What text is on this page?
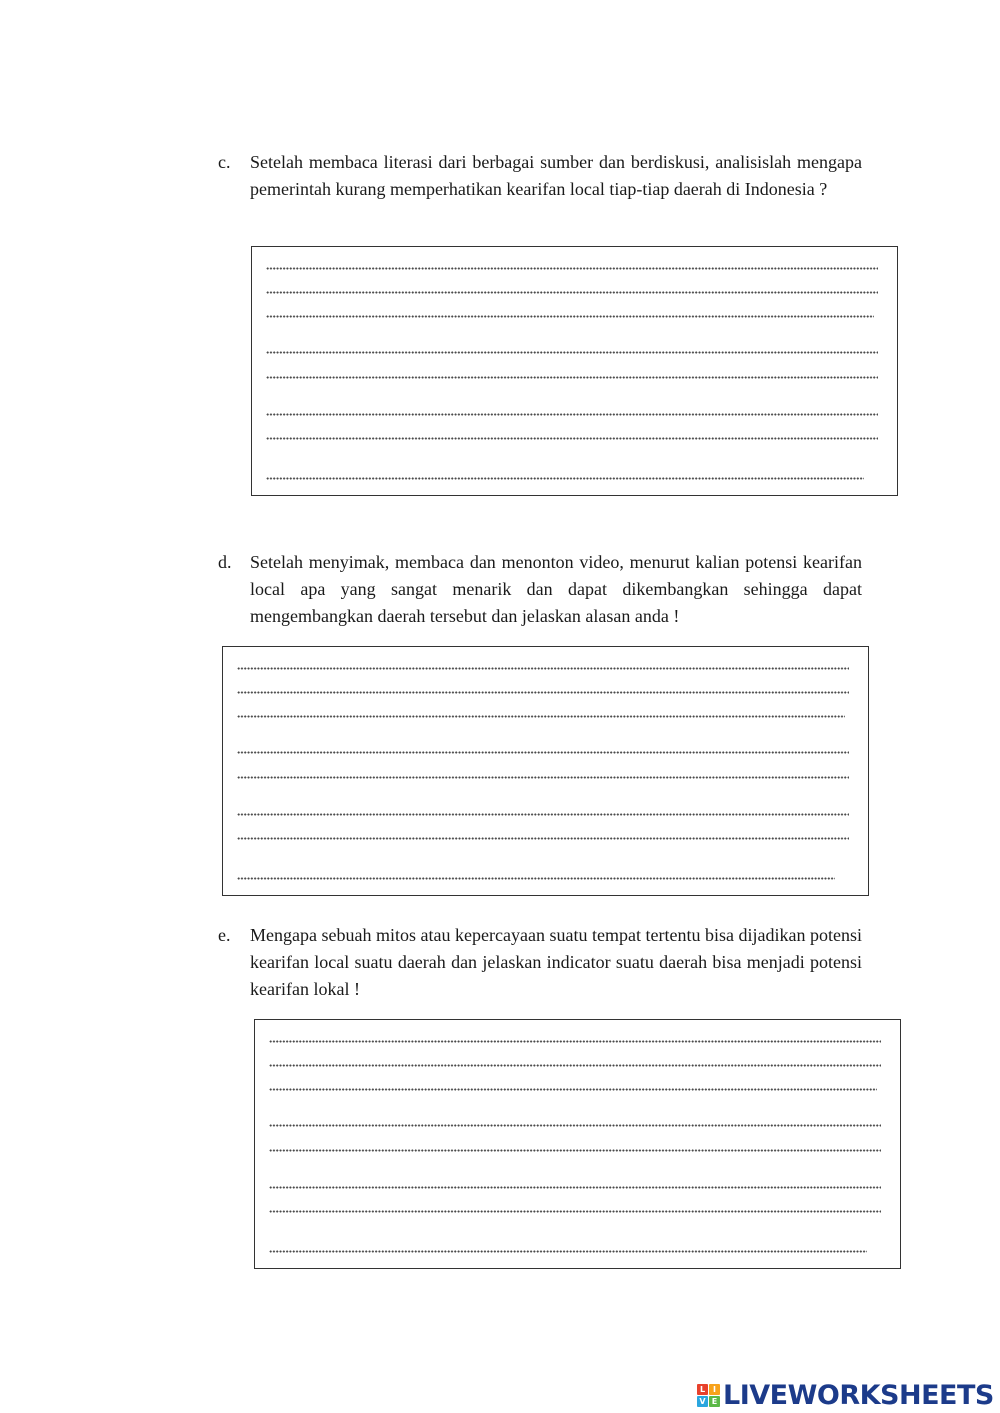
c. Setelah membaca literasi dari berbagai sumber dan berdiskusi, analisislah mengapa pemerintah kurang memperhatikan kearifan local tiap-tiap daerah di Indonesia ?
d. Setelah menyimak, membaca dan menonton video, menurut kalian potensi kearifan local apa yang sangat menarik dan dapat dikembangkan sehingga dapat mengembangkan daerah tersebut dan jelaskan alasan anda !
e. Mengapa sebuah mitos atau kepercayaan suatu tempat tertentu bisa dijadikan potensi kearifan local suatu daerah dan jelaskan indicator suatu daerah bisa menjadi potensi kearifan lokal !
L I
V E LIVEWORKSHEETS
